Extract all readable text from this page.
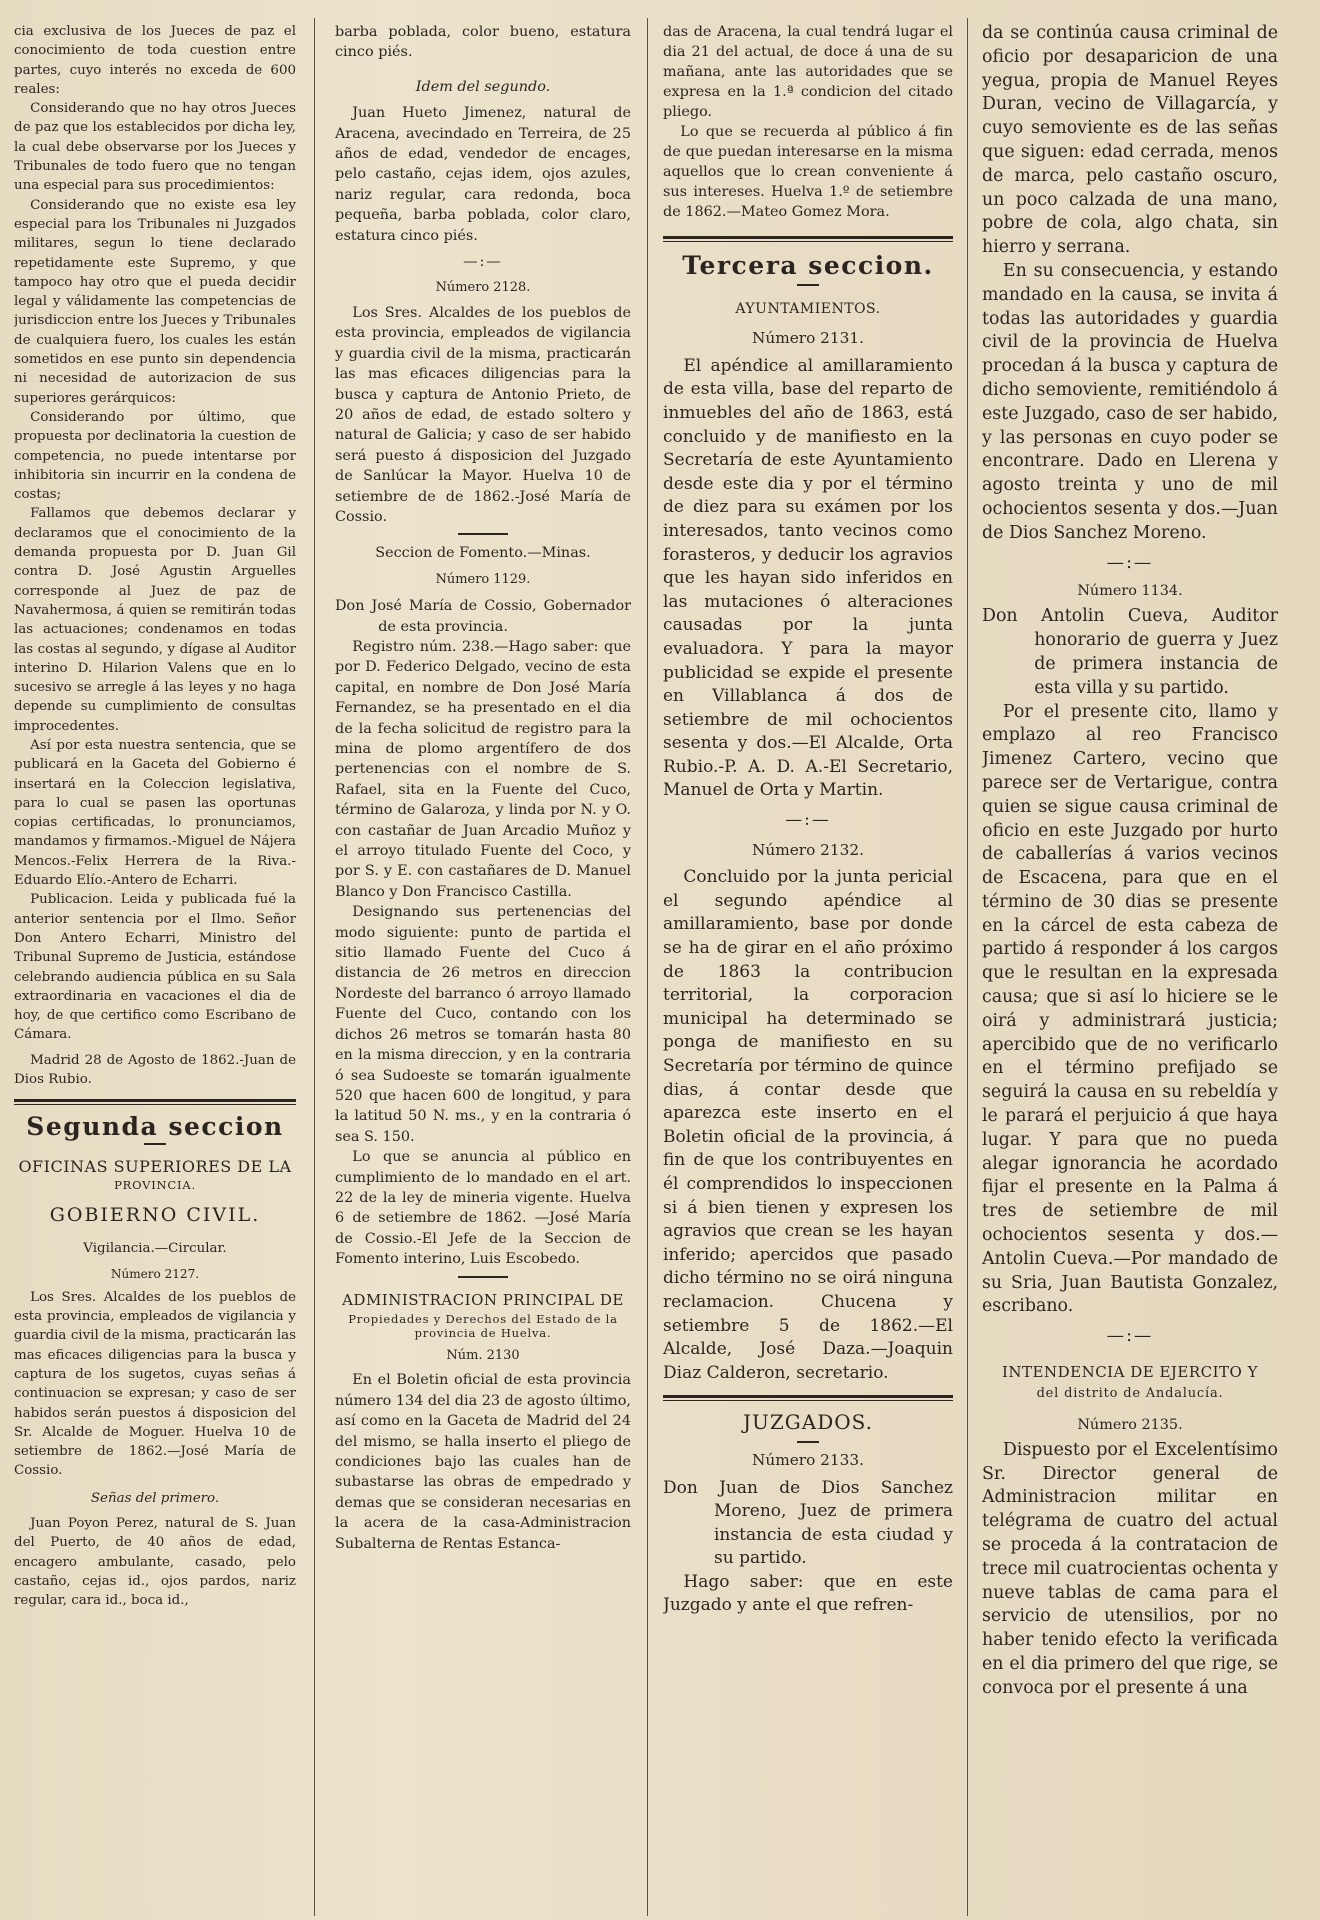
cia exclusiva de los Jueces de paz el conocimiento de toda cuestion entre partes, cuyo interés no exceda de 600 reales:

Considerando que no hay otros Jueces de paz que los establecidos por dicha ley, la cual debe observarse por los Jueces y Tribunales de todo fuero que no tengan una especial para sus procedimientos:

Considerando que no existe esa ley especial para los Tribunales ni Juzgados militares, segun lo tiene declarado repetidamente este Supremo, y que tampoco hay otro que el pueda decidir legal y válidamente las competencias de jurisdiccion entre los Jueces y Tribunales de cualquiera fuero, los cuales les están sometidos en ese punto sin dependencia ni necesidad de autorizacion de sus superiores gerárquicos:

Considerando por último, que propuesta por declinatoria la cuestion de competencia, no puede intentarse por inhibitoria sin incurrir en la condena de costas;

Fallamos que debemos declarar y declaramos que el conocimiento de la demanda propuesta por D. Juan Gil contra D. José Agustin Arguelles corresponde al Juez de paz de Navahermosa, á quien se remitirán todas las actuaciones; condenamos en todas las costas al segundo, y dígase al Auditor interino D. Hilarion Valens que en lo sucesivo se arregle á las leyes y no haga depende su cumplimiento de consultas improcedentes.

Así por esta nuestra sentencia, que se publicará en la Gaceta del Gobierno é insertará en la Coleccion legislativa, para lo cual se pasen las oportunas copias certificadas, lo pronunciamos, mandamos y firmamos.-Miguel de Nájera Mencos.-Felix Herrera de la Riva.-Eduardo Elío.-Antero de Echarri.

Publicacion. Leida y publicada fué la anterior sentencia por el Ilmo. Señor Don Antero Echarri, Ministro del Tribunal Supremo de Justicia, estándose celebrando audiencia pública en su Sala extraordinaria en vacaciones el dia de hoy, de que certifico como Escribano de Cámara.

Madrid 28 de Agosto de 1862.-Juan de Dios Rubio.

Segunda seccion
OFICINAS SUPERIORES DE LA
PROVINCIA.
GOBIERNO CIVIL.
Vigilancia.—Circular.
Número 2127.

Los Sres. Alcaldes de los pueblos de esta provincia, empleados de vigilancia y guardia civil de la misma, practicarán las mas eficaces diligencias para la busca y captura de los sugetos, cuyas señas á continuacion se expresan; y caso de ser habidos serán puestos á disposicion del Sr. Alcalde de Moguer. Huelva 10 de setiembre de 1862.—José María de Cossio.

Señas del primero.

Juan Poyon Perez, natural de S. Juan del Puerto, de 40 años de edad, encagero ambulante, casado, pelo castaño, cejas id., ojos pardos, nariz regular, cara id., boca id.,

barba poblada, color bueno, estatura cinco piés.

Idem del segundo.

Juan Hueto Jimenez, natural de Aracena, avecindado en Terreira, de 25 años de edad, vendedor de encages, pelo castaño, cejas idem, ojos azules, nariz regular, cara redonda, boca pequeña, barba poblada, color claro, estatura cinco piés.

—:—
Número 2128.

Los Sres. Alcaldes de los pueblos de esta provincia, empleados de vigilancia y guardia civil de la misma, practicarán las mas eficaces diligencias para la busca y captura de Antonio Prieto, de 20 años de edad, de estado soltero y natural de Galicia; y caso de ser habido será puesto á disposicion del Juzgado de Sanlúcar la Mayor. Huelva 10 de setiembre de de 1862.-José María de Cossio.

Seccion de Fomento.—Minas.
Número 1129.

Don José María de Cossio, Gobernador de esta provincia.

Registro núm. 238.—Hago saber: que por D. Federico Delgado, vecino de esta capital, en nombre de Don José María Fernandez, se ha presentado en el dia de la fecha solicitud de registro para la mina de plomo argentífero de dos pertenencias con el nombre de S. Rafael, sita en la Fuente del Cuco, término de Galaroza, y linda por N. y O. con castañar de Juan Arcadio Muñoz y el arroyo titulado Fuente del Coco, y por S. y E. con castañares de D. Manuel Blanco y Don Francisco Castilla.

Designando sus pertenencias del modo siguiente: punto de partida el sitio llamado Fuente del Cuco á distancia de 26 metros en direccion Nordeste del barranco ó arroyo llamado Fuente del Cuco, contando con los dichos 26 metros se tomarán hasta 80 en la misma direccion, y en la contraria ó sea Sudoeste se tomarán igualmente 520 que hacen 600 de longitud, y para la latitud 50 N. ms., y en la contraria ó sea S. 150.

Lo que se anuncia al público en cumplimiento de lo mandado en el art. 22 de la ley de mineria vigente. Huelva 6 de setiembre de 1862. —José María de Cossio.-El Jefe de la Seccion de Fomento interino, Luis Escobedo.

ADMINISTRACION PRINCIPAL DE
Propiedades y Derechos del Estado de la provincia de Huelva.
Núm. 2130

En el Boletin oficial de esta provincia número 134 del dia 23 de agosto último, así como en la Gaceta de Madrid del 24 del mismo, se halla inserto el pliego de condiciones bajo las cuales han de subastarse las obras de empedrado y demas que se consideran necesarias en la acera de la casa-Administracion Subalterna de Rentas Estanca-

das de Aracena, la cual tendrá lugar el dia 21 del actual, de doce á una de su mañana, ante las autoridades que se expresa en la 1.ª condicion del citado pliego.

Lo que se recuerda al público á fin de que puedan interesarse en la misma aquellos que lo crean conveniente á sus intereses. Huelva 1.º de setiembre de 1862.—Mateo Gomez Mora.

Tercera seccion.
AYUNTAMIENTOS.
Número 2131.

El apéndice al amillaramiento de esta villa, base del reparto de inmuebles del año de 1863, está concluido y de manifiesto en la Secretaría de este Ayuntamiento desde este dia y por el término de diez para su exámen por los interesados, tanto vecinos como forasteros, y deducir los agravios que les hayan sido inferidos en las mutaciones ó alteraciones causadas por la junta evaluadora. Y para la mayor publicidad se expide el presente en Villablanca á dos de setiembre de mil ochocientos sesenta y dos.—El Alcalde, Orta Rubio.-P. A. D. A.-El Secretario, Manuel de Orta y Martin.

—:—
Número 2132.

Concluido por la junta pericial el segundo apéndice al amillaramiento, base por donde se ha de girar en el año próximo de 1863 la contribucion territorial, la corporacion municipal ha determinado se ponga de manifiesto en su Secretaría por término de quince dias, á contar desde que aparezca este inserto en el Boletin oficial de la provincia, á fin de que los contribuyentes en él comprendidos lo inspeccionen si á bien tienen y expresen los agravios que crean se les hayan inferido; apercidos que pasado dicho término no se oirá ninguna reclamacion. Chucena y setiembre 5 de 1862.—El Alcalde, José Daza.—Joaquin Diaz Calderon, secretario.

JUZGADOS.
Número 2133.

Don Juan de Dios Sanchez Moreno, Juez de primera instancia de esta ciudad y su partido.

Hago saber: que en este Juzgado y ante el que refren-

da se continúa causa criminal de oficio por desaparicion de una yegua, propia de Manuel Reyes Duran, vecino de Villagarcía, y cuyo semoviente es de las señas que siguen: edad cerrada, menos de marca, pelo castaño oscuro, un poco calzada de una mano, pobre de cola, algo chata, sin hierro y serrana.

En su consecuencia, y estando mandado en la causa, se invita á todas las autoridades y guardia civil de la provincia de Huelva procedan á la busca y captura de dicho semoviente, remitiéndolo á este Juzgado, caso de ser habido, y las personas en cuyo poder se encontrare. Dado en Llerena y agosto treinta y uno de mil ochocientos sesenta y dos.—Juan de Dios Sanchez Moreno.

—:—
Número 1134.

Don Antolin Cueva, Auditor honorario de guerra y Juez de primera instancia de esta villa y su partido.

Por el presente cito, llamo y emplazo al reo Francisco Jimenez Cartero, vecino que parece ser de Vertarigue, contra quien se sigue causa criminal de oficio en este Juzgado por hurto de caballerías á varios vecinos de Escacena, para que en el término de 30 dias se presente en la cárcel de esta cabeza de partido á responder á los cargos que le resultan en la expresada causa; que si así lo hiciere se le oirá y administrará justicia; apercibido que de no verificarlo en el término prefijado se seguirá la causa en su rebeldía y le parará el perjuicio á que haya lugar. Y para que no pueda alegar ignorancia he acordado fijar el presente en la Palma á tres de setiembre de mil ochocientos sesenta y dos.—Antolin Cueva.—Por mandado de su Sria, Juan Bautista Gonzalez, escribano.

—:—
INTENDENCIA DE EJERCITO Y
del distrito de Andalucía.
Número 2135.

Dispuesto por el Excelentísimo Sr. Director general de Administracion militar en telégrama de cuatro del actual se proceda á la contratacion de trece mil cuatrocientas ochenta y nueve tablas de cama para el servicio de utensilios, por no haber tenido efecto la verificada en el dia primero del que rige, se convoca por el presente á una
